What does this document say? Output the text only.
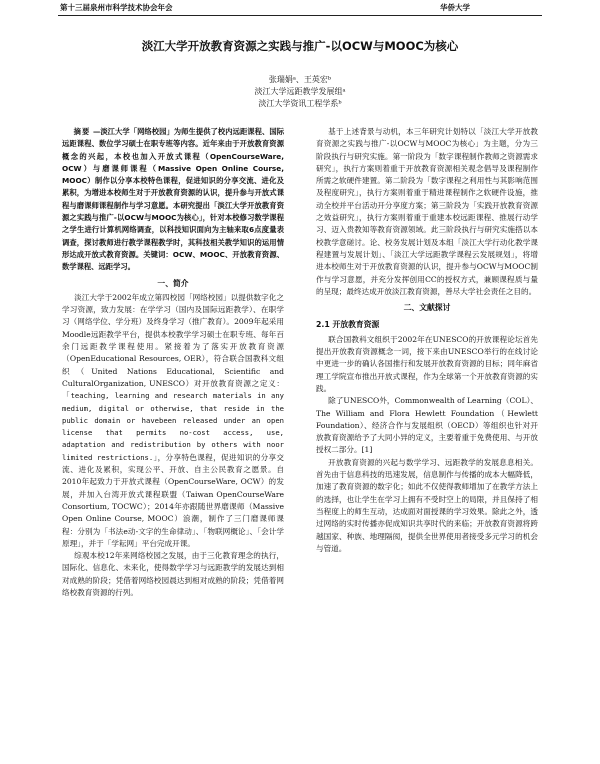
第十三届泉州市科学技术协会年会	华侨大学
淡江大学开放教育资源之实践与推广-以OCW与MOOC为核心
张瑞娟ᵃ、王英宏ᵇ
淡江大学远距教学发展组ᵃ
淡江大学资讯工程学系ᵇ

摘要 —淡江大学「网络校园」为师生提供了校内远距课程、国际远距课程、数位学习硕士在职专班等内容。近年来由于开放教育资源概念的兴起，本校也加入开放式课程（OpenCourseWare, OCW）与磨课师课程（Massive Open Online Course, MOOC）制作以分享本校特色课程，促进知识的分享交流、进化及累积，为增进本校师生对于开放教育资源的认识，提升参与开放式课程与磨课师课程制作与学习意愿。本研究提出「淡江大学开放教育资源之实践与推广-以OCW与MOOC为核心」，针对本校修习数学课程之学生进行计算机网络调查，以科技知识面向为主轴来取6点度量表调查，探讨教师进行教学课程教学时，其科技相关教学知识的运用情形达成开放式教育资源。关键词：OCW、MOOC、开放教育资源、数学课程、远距学习。

一、简介

淡江大学于2002年成立第四校园「网络校园」以提供数字化之学习资源，致力发展：在学学习（国内及国际远距教学）、在职学习（网络学位、学分班）及终身学习（推广教育）。2009年起采用Moodle远距教学平台，提供本校教学学习硕士在职专班、每年百余门远距教学课程使用。紧接着为了落实开放教育资源（OpenEducational Resources, OER），符合联合国教科文组织（United Nations Educational, Scientific and CulturalOrganization, UNESCO）对开放教育资源之定义：「teaching, learning and research materials in any medium, digital or otherwise, that reside in the public domain or havebeen released under an open license that permits no-cost access, use, adaptation and redistribution by others with noor limited restrictions.」，分享特色课程，促进知识的分享交流、进化及累积，实现公平、开放、自主公民教育之愿景。自2010年起致力于开放式课程（OpenCourseWare, OCW）的发展，并加入台湾开放式课程联盟（Taiwan OpenCourseWare Consortium, TOCWC）；2014年亦跟随世界磨课师（Massive Open Online Course, MOOC）浪潮，制作了三门磨课师课程：分别为「书法e动-文字的生命律动」、「物联网概论」、「会计学原理」，并于「学耘网」平台完成开课。

综观本校12年来网络校园之发展，由于三化教育理念的执行，国际化、信息化、未来化，使得数学学习与远距教学的发展达到相对成熟的阶段；凭借着网络校园晨达到相对成熟的阶段；凭借着网络校教育资源的行列。

基于上述背景与动机，本三年研究计划特以「淡江大学开放教育资源之实践与推广-以OCW与MOOC为核心」为主题，分为三阶段执行与研究实施。第一阶段为「数字课程制作教师之资源需求研究」，执行方案则着重于开放教育资源相关观念倡导及课程制作所需之软硬件建置。第二阶段为「数字课程之利用性与其影响范围及程度研究」，执行方案则着重于精进课程制作之软硬件设施，推动全校并平台活动开分享度方案；第三阶段为「实践开放教育资源之效益研究」，执行方案则着重于重建本校远距课程、推展行动学习、迈入贵教知等教育资源领域。此三阶段执行与研究实施搭以本校教学意磋讨。论、校务发展计划及本组「淡江大学行动化教学课程建置与发展计划」、「淡江大学远距教学课程云发展规划」，将增进本校师生对于开放教育资源的认识，提升参与OCW与MOOC制作与学习意愿，并充分发挥创用CC的授权方式，兼顾课程质与量的呈现；最终达成开放淡江教育资源，善尽大学社会责任之目的。

二、文献探讨
2.1 开放教育资源

联合国教科文组织于2002年在UNESCO的开放课程论坛首先提出开放教育资源概念一词，接下来由UNESCO举行的在线讨论中更进一步的确认各国推行和发展开放教育资源的目标；同年麻省理工学院宣布推出开放式课程，作为全球第一个开放教育资源的实践。

除了UNESCO外，Commonwealth of Learning（COL）、The William and Flora Hewlett Foundation（Hewlett Foundation）、经济合作与发展组织（OECD）等组织也针对开放教育资源给予了大同小异的定义，主要着重于免费使用、与开放授权二部分。[1]

开放教育资源的兴起与数学学习、远距教学的发展息息相关。首先由于信息科技的迅速发展，信息制作与传播的成本大幅降低，加速了教育资源的数字化；如此不仅使得教师增加了在教学方法上的选择，也让学生在学习上拥有不受时空上的局限，并且保持了相当程度上的师生互动，达成面对面授课的学习效果。除此之外，透过网络的实时传播亦促成知识共享时代的来临；开放教育资源将跨越国家、种族、地理隔阂，提供全世界使用者接受多元学习的机会与管道。
